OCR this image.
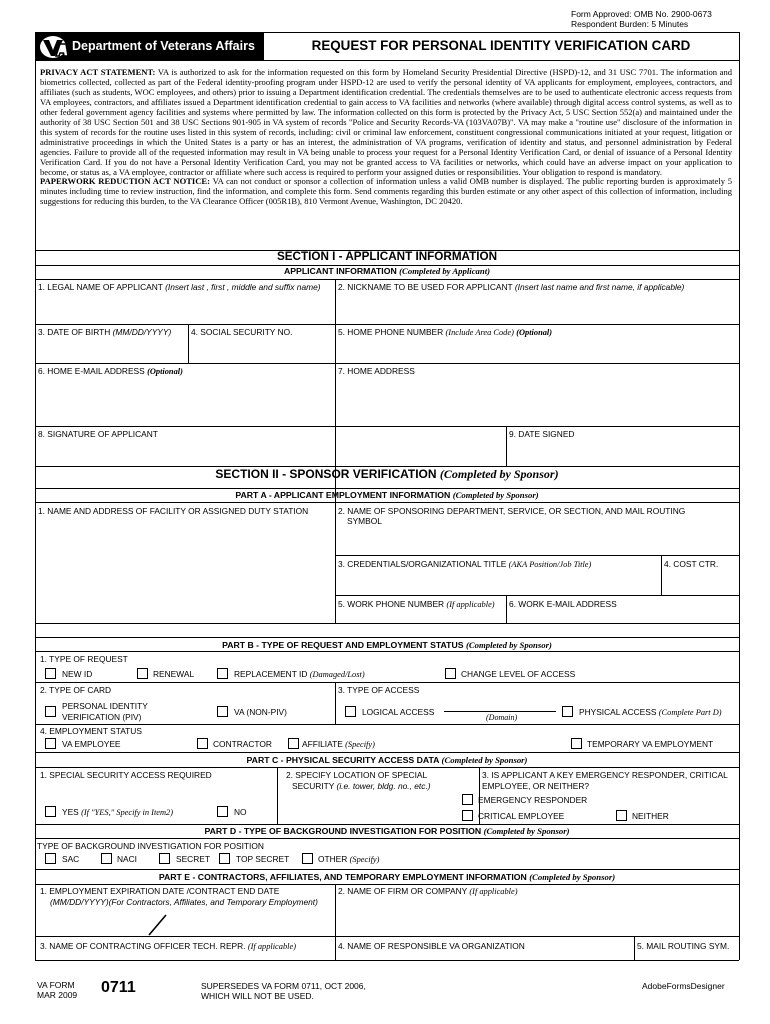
Form Approved: OMB No. 2900-0673
Respondent Burden: 5 Minutes
Department of Veterans Affairs	REQUEST FOR PERSONAL IDENTITY VERIFICATION CARD

PRIVACY ACT STATEMENT: VA is authorized to ask for the information requested on this form by Homeland Security Presidential Directive (HSPD)-12, and 31 USC 7701. The information and biometrics collected, collected as part of the Federal identity-proofing program under HSPD-12 are used to verify the personal identity of VA applicants for employment, employees, contractors, and affiliates (such as students, WOC employees, and others) prior to issuing a Department identification credential. The credentials themselves are to be used to authenticate electronic access requests from VA employees, contractors, and affiliates issued a Department identification credential to gain access to VA facilities and networks (where available) through digital access control systems, as well as to other federal government agency facilities and systems where permitted by law. The information collected on this form is protected by the Privacy Act, 5 USC Section 552(a) and maintained under the authority of 38 USC Section 501 and 38 USC Sections 901-905 in VA system of records "Police and Security Records-VA (103VA07B)". VA may make a "routine use" disclosure of the information in this system of records for the routine uses listed in this system of records, including: civil or criminal law enforcement, constituent congressional communications initiated at your request, litigation or administrative proceedings in which the United States is a party or has an interest, the administration of VA programs, verification of identity and status, and personnel administration by Federal agencies. Failure to provide all of the requested information may result in VA being unable to process your request for a Personal Identity Verification Card, or denial of issuance of a Personal Identity Verification Card. If you do not have a Personal Identity Verification Card, you may not be granted access to VA facilities or networks, which could have an adverse impact on your application to become, or status as, a VA employee, contractor or affiliate where such access is required to perform your assigned duties or responsibilities. Your obligation to respond is mandatory.

PAPERWORK REDUCTION ACT NOTICE: VA can not conduct or sponsor a collection of information unless a valid OMB number is displayed. The public reporting burden is approximately 5 minutes including time to review instruction, find the information, and complete this form. Send comments regarding this burden estimate or any other aspect of this collection of information, including suggestions for reducing this burden, to the VA Clearance Officer (005R1B), 810 Vermont Avenue, Washington, DC 20420.

SECTION I - APPLICANT INFORMATION
APPLICANT INFORMATION (Completed by Applicant)
1. LEGAL NAME OF APPLICANT (Insert last , first , middle and suffix name) 2. NICKNAME TO BE USED FOR APPLICANT (Insert last name and first name, if applicable)
3. DATE OF BIRTH (MM/DD/YYYY) 4. SOCIAL SECURITY NO.	5. HOME PHONE NUMBER (Include Area Code) (Optional)
6. HOME E-MAIL ADDRESS (Optional)	7. HOME ADDRESS
8. SIGNATURE OF APPLICANT	9. DATE SIGNED
SECTION II - SPONSOR VERIFICATION (Completed by Sponsor)
PART A - APPLICANT EMPLOYMENT INFORMATION (Completed by Sponsor)
1. NAME AND ADDRESS OF FACILITY OR ASSIGNED DUTY STATION	2. NAME OF SPONSORING DEPARTMENT, SERVICE, OR SECTION, AND MAIL ROUTING
SYMBOL
3. CREDENTIALS/ORGANIZATIONAL TITLE (AKA Position/Job Title)	4. COST CTR.
5. WORK PHONE NUMBER (If applicable) 6. WORK E-MAIL ADDRESS
PART B - TYPE OF REQUEST AND EMPLOYMENT STATUS (Completed by Sponsor)
1. TYPE OF REQUEST
NEW ID	RENEWAL	REPLACEMENT ID (Damaged/Lost)	CHANGE LEVEL OF ACCESS
2. TYPE OF CARD	3. TYPE OF ACCESS
PERSONAL IDENTITY
VERIFICATION (PIV)	VA (NON-PIV)	LOGICAL ACCESS
(Domain)
PHYSICAL ACCESS (Complete Part D)
4. EMPLOYMENT STATUS
VA EMPLOYEE	CONTRACTOR	AFFILIATE (Specify)	TEMPORARY VA EMPLOYMENT
PART C - PHYSICAL SECURITY ACCESS DATA (Completed by Sponsor)
1. SPECIAL SECURITY ACCESS REQUIRED	2. SPECIFY LOCATION OF SPECIAL
SECURITY (i.e. tower, bldg. no., etc.)
3. IS APPLICANT A KEY EMERGENCY RESPONDER, CRITICAL
EMPLOYEE, OR NEITHER?
EMERGENCY RESPONDER
CRITICAL EMPLOYEE	NEITHER
YES (If "YES," Specify in Item2)	NO
PART D - TYPE OF BACKGROUND INVESTIGATION FOR POSITION (Completed by Sponsor)
TYPE OF BACKGROUND INVESTIGATION FOR POSITION
SAC	NACI	SECRET	TOP SECRET	OTHER (Specify)
PART E - CONTRACTORS, AFFILIATES, AND TEMPORARY EMPLOYMENT INFORMATION (Completed by Sponsor)
1. EMPLOYMENT EXPIRATION DATE /CONTRACT END DATE
(MM/DD/YYYY)(For Contractors, Affiliates, and Temporary Employment)
2. NAME OF FIRM OR COMPANY (If applicable)
3. NAME OF CONTRACTING OFFICER TECH. REPR. (If applicable)	4. NAME OF RESPONSIBLE VA ORGANIZATION	5. MAIL ROUTING SYM.
VA FORM
MAR 2009 0711	SUPERSEDES VA FORM 0711, OCT 2006,
WHICH WILL NOT BE USED.
AdobeFormsDesigner
